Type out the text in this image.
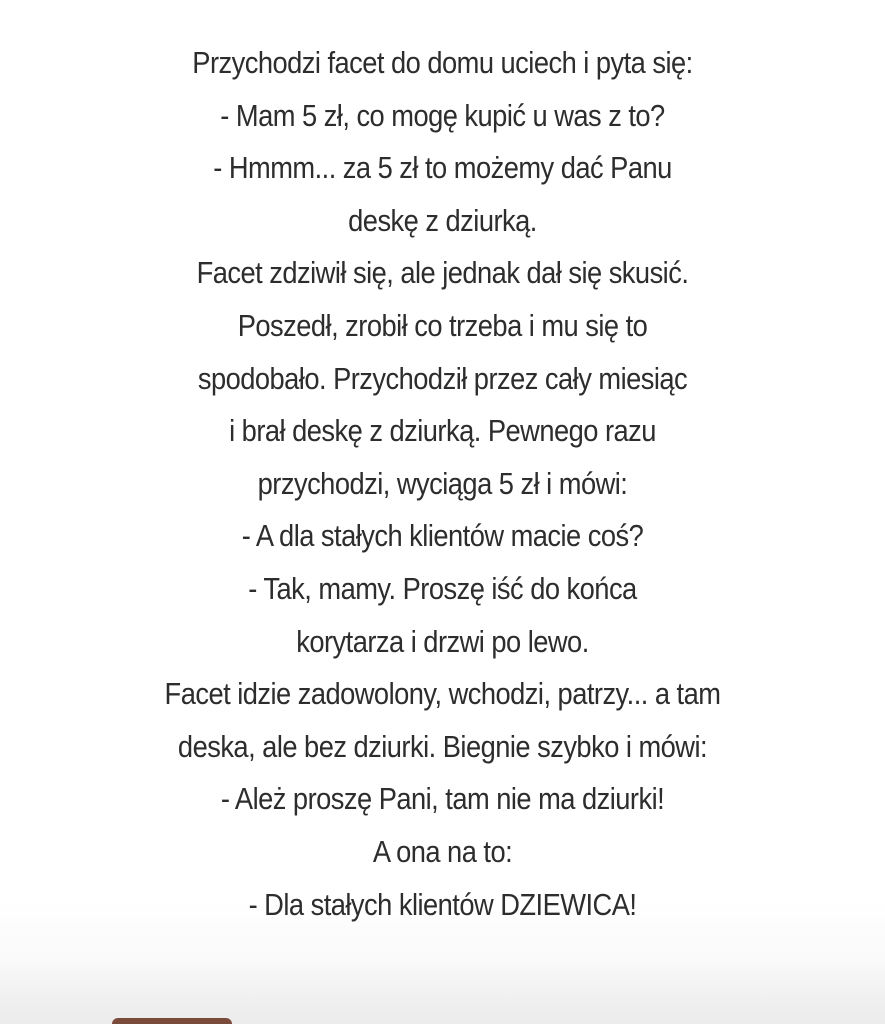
Przychodzi facet do domu uciech i pyta się:
- Mam 5 zł, co mogę kupić u was z to?
- Hmmm... za 5 zł to możemy dać Panu
deskę z dziurką.
Facet zdziwił się, ale jednak dał się skusić.
Poszedł, zrobił co trzeba i mu się to
spodobało. Przychodził przez cały miesiąc
i brał deskę z dziurką. Pewnego razu
przychodzi, wyciąga 5 zł i mówi:
- A dla stałych klientów macie coś?
- Tak, mamy. Proszę iść do końca
korytarza i drzwi po lewo.
Facet idzie zadowolony, wchodzi, patrzy... a tam
deska, ale bez dziurki. Biegnie szybko i mówi:
- Ależ proszę Pani, tam nie ma dziurki!
A ona na to:
- Dla stałych klientów DZIEWICA!
